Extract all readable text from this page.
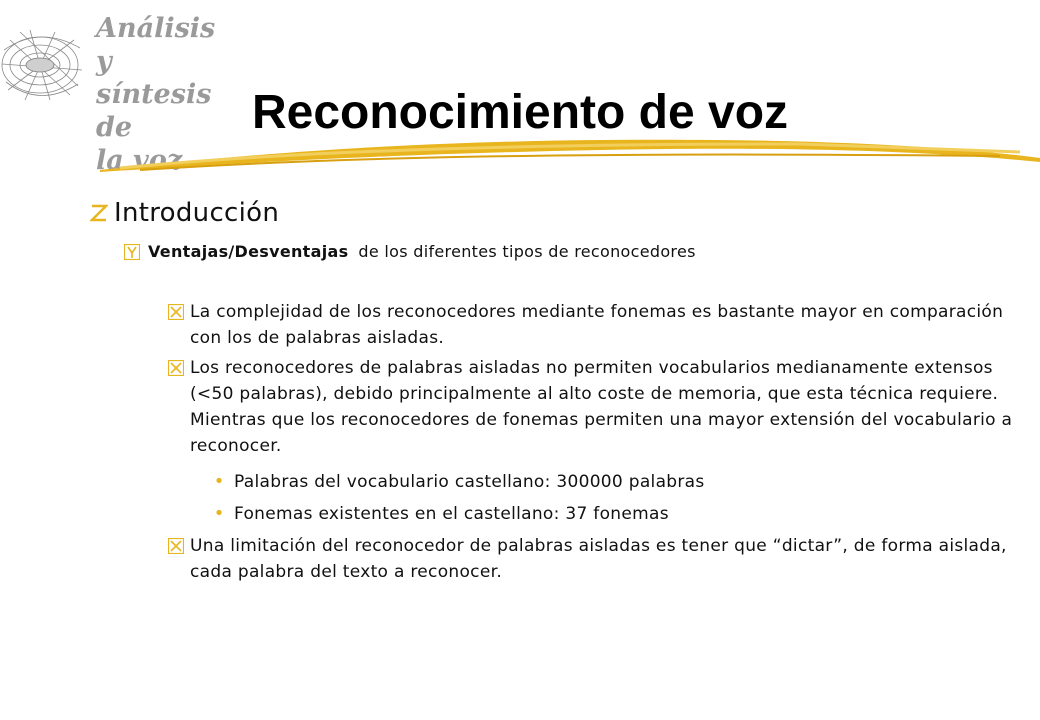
Análisis y
síntesis de
la voz
Reconocimiento de voz
Introducción
Ventajas/Desventajas de los diferentes tipos de reconocedores
La complejidad de los reconocedores mediante fonemas es bastante mayor en comparación con los de palabras aisladas.
Los reconocedores de palabras aisladas no permiten vocabularios medianamente extensos (<50 palabras), debido principalmente al alto coste de memoria, que esta técnica requiere. Mientras que los reconocedores de fonemas permiten una mayor extensión del vocabulario a reconocer.
• Palabras del vocabulario castellano: 300000 palabras
• Fonemas existentes en el castellano: 37 fonemas
Una limitación del reconocedor de palabras aisladas es tener que “dictar”, de forma aislada, cada palabra del texto a reconocer.
